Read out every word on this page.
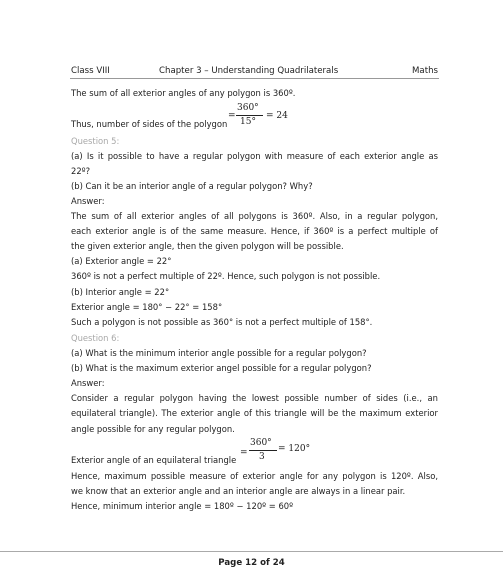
Class VIII	Chapter 3 – Understanding Quadrilaterals	Maths
The sum of all exterior angles of any polygon is 360º.
=
360°
15°
= 24
Thus, number of sides of the polygon
Question 5:
(a) Is it possible to have a regular polygon with measure of each exterior angle as
22º?
(b) Can it be an interior angle of a regular polygon? Why?
Answer:
The sum of all exterior angles of all polygons is 360º. Also, in a regular polygon,
each exterior angle is of the same measure. Hence, if 360º is a perfect multiple of
the given exterior angle, then the given polygon will be possible.
(a) Exterior angle = 22°
360º is not a perfect multiple of 22º. Hence, such polygon is not possible.
(b) Interior angle = 22°
Exterior angle = 180° − 22° = 158°
Such a polygon is not possible as 360° is not a perfect multiple of 158°.
Question 6:
(a) What is the minimum interior angle possible for a regular polygon?
(b) What is the maximum exterior angel possible for a regular polygon?
Answer:
Consider a regular polygon having the lowest possible number of sides (i.e., an
equilateral triangle). The exterior angle of this triangle will be the maximum exterior
angle possible for any regular polygon.
=
360°
3
= 120°
Exterior angle of an equilateral triangle
Hence, maximum possible measure of exterior angle for any polygon is 120º. Also,
we know that an exterior angle and an interior angle are always in a linear pair.
Hence, minimum interior angle = 180º − 120º = 60º
Page 12 of 24
